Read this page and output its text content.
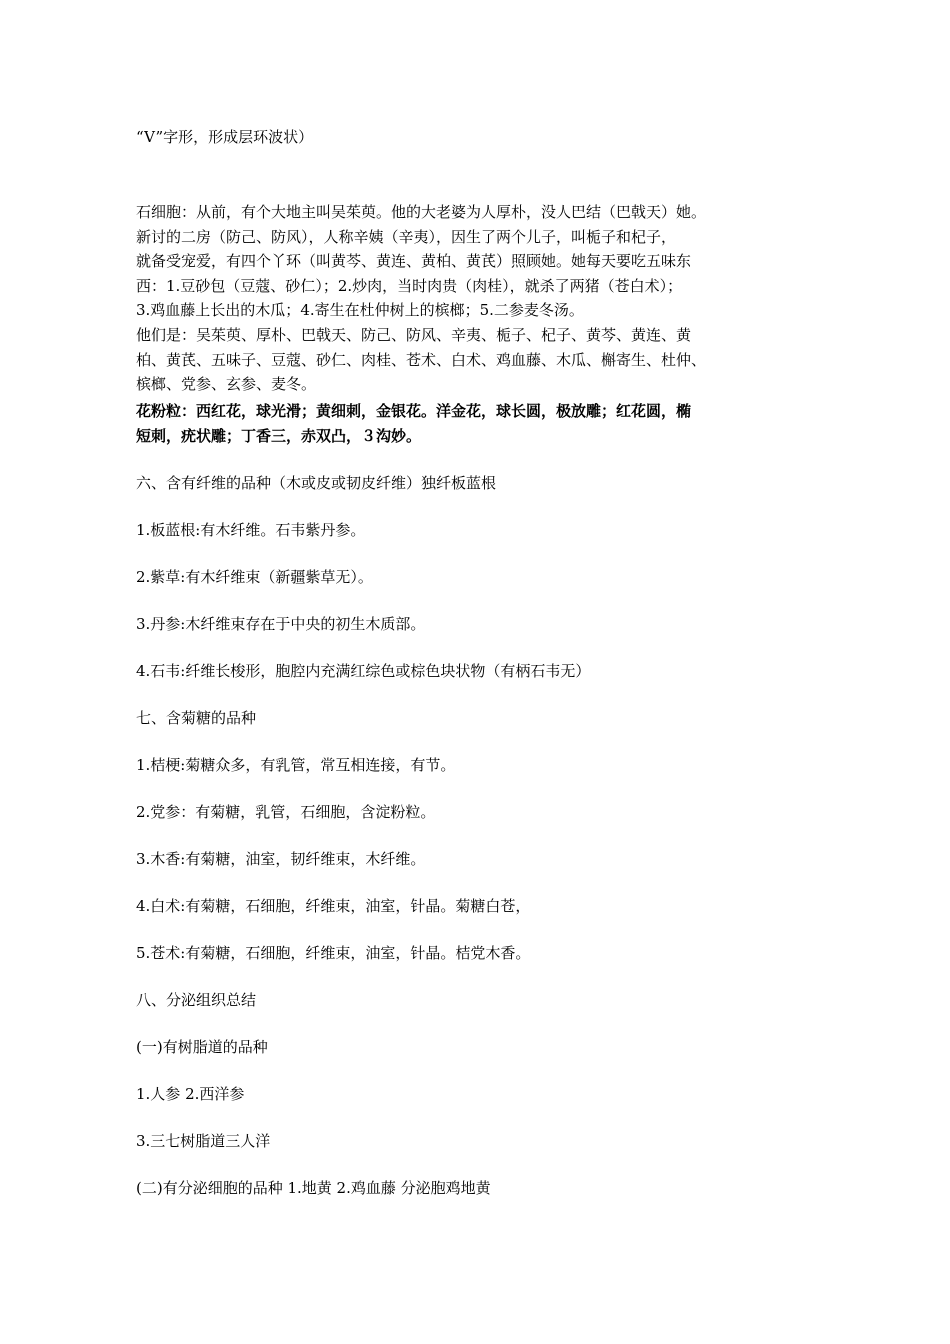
“V”字形，形成层环波状）
石细胞：从前，有个大地主叫吴茱萸。他的大老婆为人厚朴，没人巴结（巴戟天）她。
新讨的二房（防己、防风），人称辛姨（辛夷），因生了两个儿子，叫栀子和杞子，
就备受宠爱，有四个丫环（叫黄芩、黄连、黄柏、黄芪）照顾她。她每天要吃五味东
西：1.豆砂包（豆蔻、砂仁）；2.炒肉，当时肉贵（肉桂），就杀了两猪（苍白术）；
3.鸡血藤上长出的木瓜；4.寄生在杜仲树上的槟榔；5.二参麦冬汤。
他们是：吴茱萸、厚朴、巴戟天、防己、防风、辛夷、栀子、杞子、黄芩、黄连、黄
柏、黄芪、五味子、豆蔻、砂仁、肉桂、苍术、白术、鸡血藤、木瓜、槲寄生、杜仲、
槟榔、党参、玄参、麦冬。
花粉粒：西红花，球光滑；黄细刺，金银花。洋金花，球长圆，极放雕；红花圆，椭
短刺，疣状雕；丁香三，赤双凸，３沟妙。
六、含有纤维的品种（木或皮或韧皮纤维）独纤板蓝根
1.板蓝根:有木纤维。石韦紫丹参。
2.紫草:有木纤维束（新疆紫草无）。
3.丹参:木纤维束存在于中央的初生木质部。
4.石韦:纤维长梭形，胞腔内充满红综色或棕色块状物（有柄石韦无）
七、含菊糖的品种
1.桔梗:菊糖众多，有乳管，常互相连接，有节。
2.党参：有菊糖，乳管，石细胞，含淀粉粒。
3.木香:有菊糖，油室，韧纤维束，木纤维。
4.白术:有菊糖，石细胞，纤维束，油室，针晶。菊糖白苍，
5.苍术:有菊糖，石细胞，纤维束，油室，针晶。桔党木香。
八、分泌组织总结
(一)有树脂道的品种
1.人参 2.西洋参
3.三七树脂道三人洋
(二)有分泌细胞的品种 1.地黄 2.鸡血藤 分泌胞鸡地黄
